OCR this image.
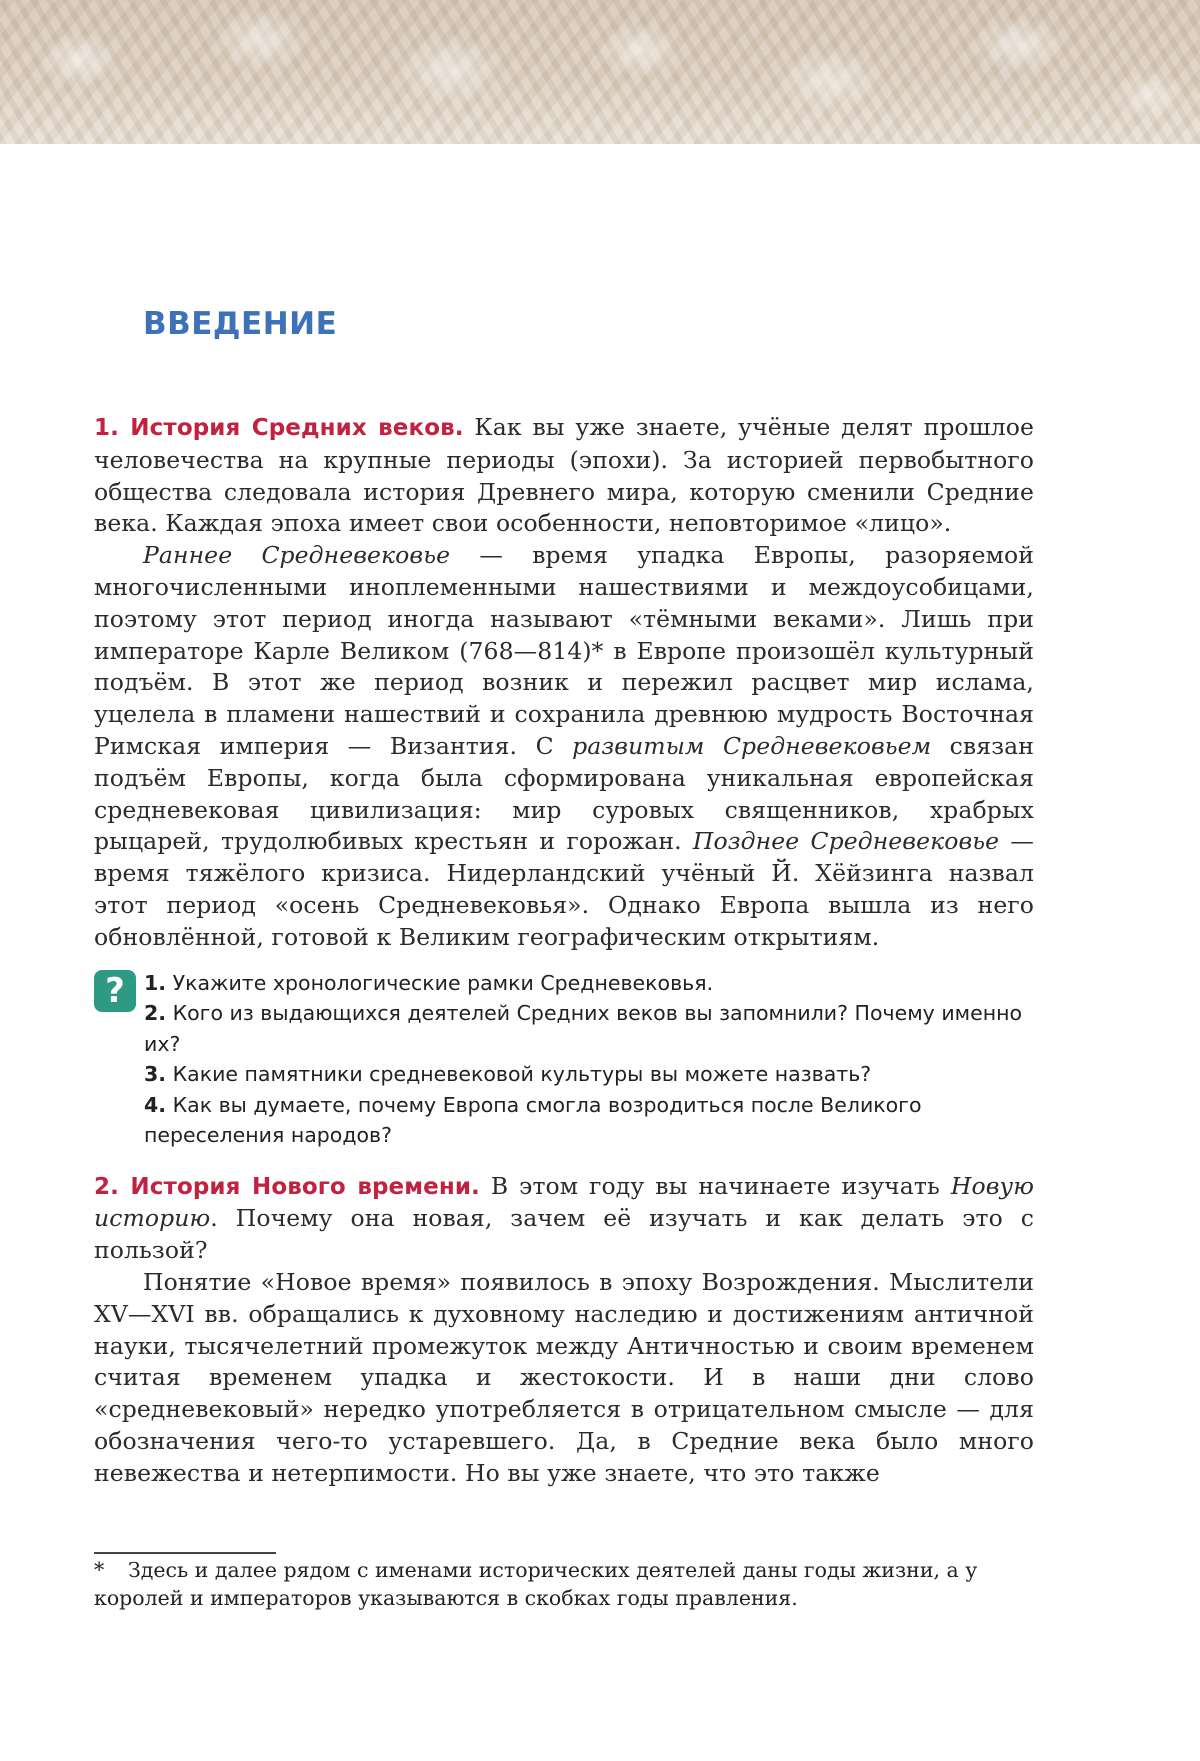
ВВЕДЕНИЕ

1. История Средних веков. Как вы уже знаете, учёные делят прошлое человечества на крупные периоды (эпохи). За историей первобытного общества следовала история Древнего мира, которую сменили Средние века. Каждая эпоха имеет свои особенности, неповторимое «лицо».

Раннее Средневековье — время упадка Европы, разоряемой многочисленными иноплеменными нашествиями и междоусобицами, поэтому этот период иногда называют «тёмными веками». Лишь при императоре Карле Великом (768—814)* в Европе произошёл культурный подъём. В этот же период возник и пережил расцвет мир ислама, уцелела в пламени нашествий и сохранила древнюю мудрость Восточная Римская империя — Византия. С развитым Средневековьем связан подъём Европы, когда была сформирована уникальная европейская средневековая цивилизация: мир суровых священников, храбрых рыцарей, трудолюбивых крестьян и горожан. Позднее Средневековье — время тяжёлого кризиса. Нидерландский учёный Й. Хёйзинга назвал этот период «осень Средневековья». Однако Европа вышла из него обновлённой, готовой к Великим географическим открытиям.

? 1. Укажите хронологические рамки Средневековья.

2. Кого из выдающихся деятелей Средних веков вы запомнили? Почему именно их?

3. Какие памятники средневековой культуры вы можете назвать?

4. Как вы думаете, почему Европа смогла возродиться после Великого переселения народов?

2. История Нового времени. В этом году вы начинаете изучать Новую историю. Почему она новая, зачем её изучать и как делать это с пользой?

Понятие «Новое время» появилось в эпоху Возрождения. Мыслители XV—XVI вв. обращались к духовному наследию и достижениям античной науки, тысячелетний промежуток между Античностью и своим временем считая временем упадка и жестокости. И в наши дни слово «средневековый» нередко употребляется в отрицательном смысле — для обозначения чего-то устаревшего. Да, в Средние века было много невежества и нетерпимости. Но вы уже знаете, что это также

* Здесь и далее рядом с именами исторических деятелей даны годы жизни, а у королей и императоров указываются в скобках годы правления.
